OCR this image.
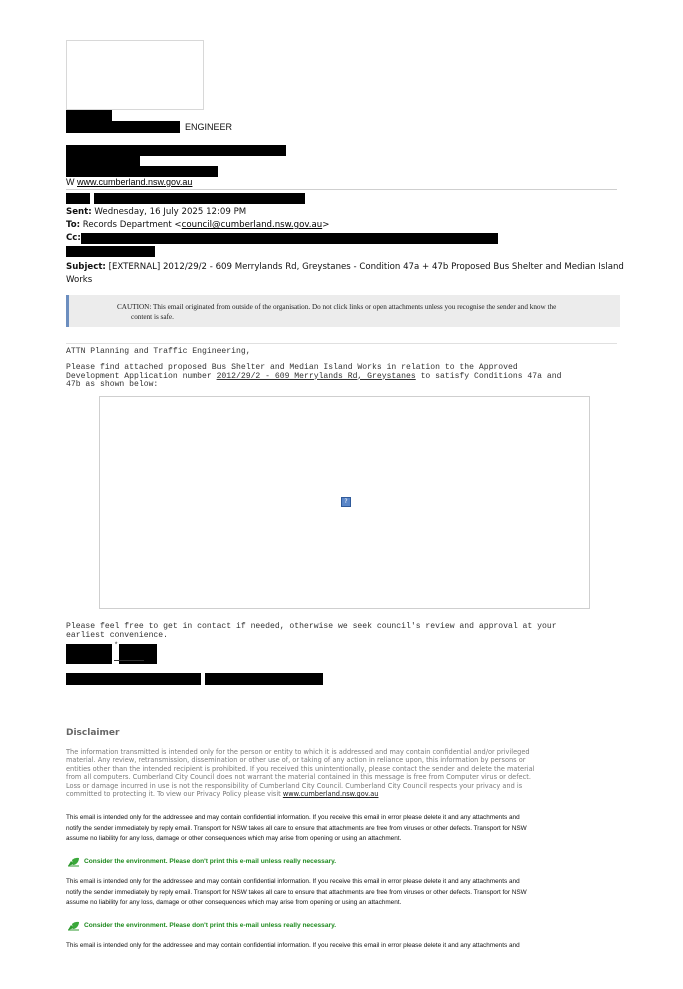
ENGINEER
W www.cumberland.nsw.gov.au
Sent: Wednesday, 16 July 2025 12:09 PM
To: Records Department <council@cumberland.nsw.gov.au>
Cc:
Subject: [EXTERNAL] 2012/29/2 - 609 Merrylands Rd, Greystanes - Condition 47a + 47b Proposed Bus Shelter and Median Island
Works
CAUTION: This email originated from outside of the organisation. Do not click links or open attachments unless you recognise the sender and know the
content is safe.
ATTN Planning and Traffic Engineering,
Please find attached proposed Bus Shelter and Median Island Works in relation to the Approved
Development Application number 2012/29/2 - 609 Merrylands Rd, Greystanes to satisfy Conditions 47a and
47b as shown below:
?
Please feel free to get in contact if needed, otherwise we seek council's review and approval at your
earliest convenience.
*
Disclaimer
The information transmitted is intended only for the person or entity to which it is addressed and may contain confidential and/or privileged
material. Any review, retransmission, dissemination or other use of, or taking of any action in reliance upon, this information by persons or
entities other than the intended recipient is prohibited. If you received this unintentionally, please contact the sender and delete the material
from all computers. Cumberland City Council does not warrant the material contained in this message is free from Computer virus or defect.
Loss or damage incurred in use is not the responsibility of Cumberland City Council. Cumberland City Council respects your privacy and is
committed to protecting it. To view our Privacy Policy please visit www.cumberland.nsw.gov.au
This email is intended only for the addressee and may contain confidential information. If you receive this email in error please delete it and any attachments and
notify the sender immediately by reply email. Transport for NSW takes all care to ensure that attachments are free from viruses or other defects. Transport for NSW
assume no liability for any loss, damage or other consequences which may arise from opening or using an attachment.
Consider the environment. Please don't print this e-mail unless really necessary.
This email is intended only for the addressee and may contain confidential information. If you receive this email in error please delete it and any attachments and
notify the sender immediately by reply email. Transport for NSW takes all care to ensure that attachments are free from viruses or other defects. Transport for NSW
assume no liability for any loss, damage or other consequences which may arise from opening or using an attachment.
Consider the environment. Please don't print this e-mail unless really necessary.
This email is intended only for the addressee and may contain confidential information. If you receive this email in error please delete it and any attachments and
